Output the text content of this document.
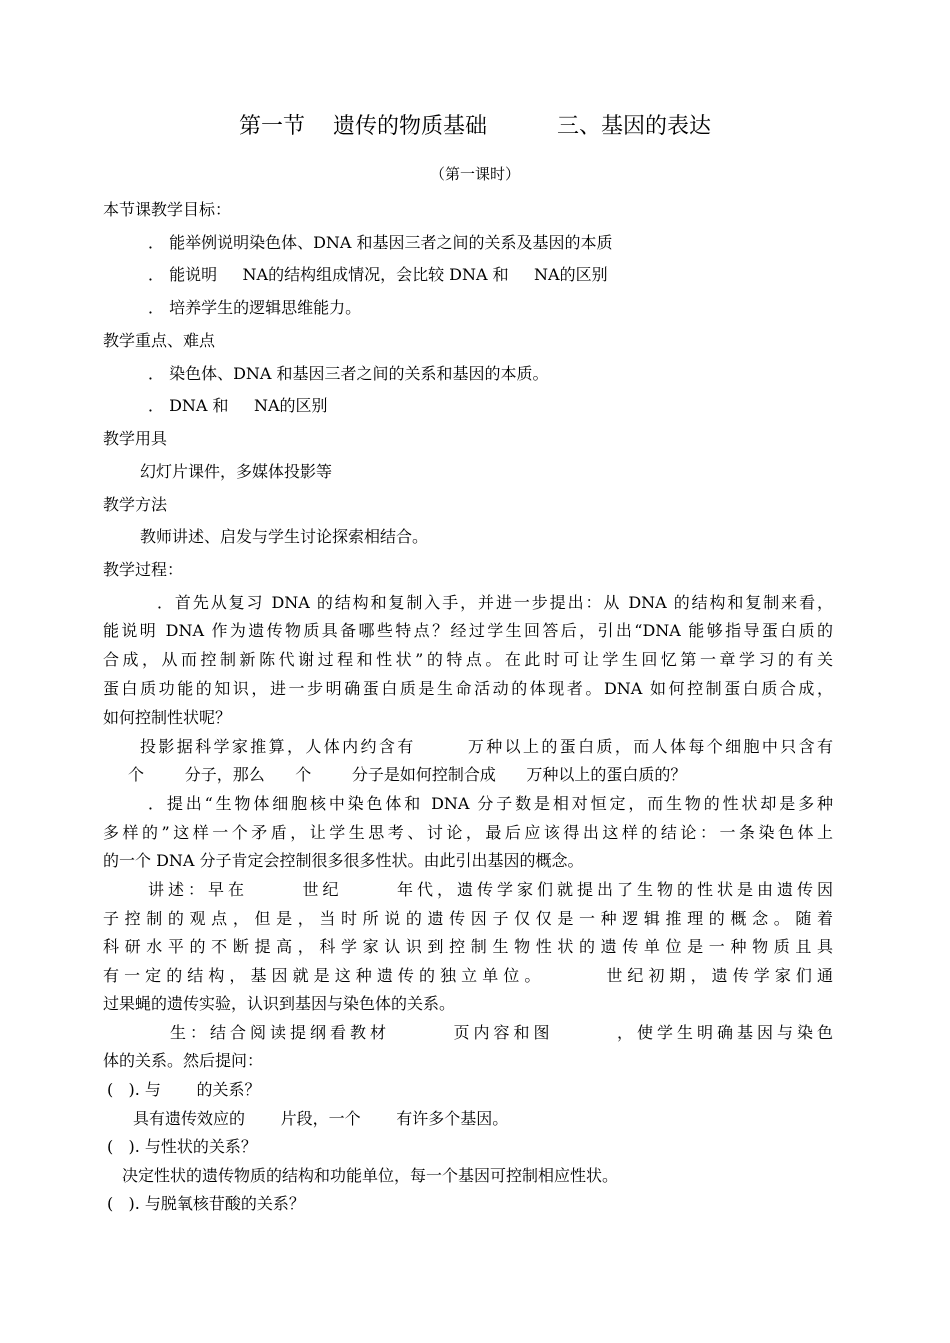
第一节    遗传的物质基础          三、基因的表达
（第一课时）
本节课教学目标：
． 能举例说明染色体、DNA 和基因三者之间的关系及基因的本质
． 能说明     NA的结构组成情况，会比较 DNA 和     NA的区别
． 培养学生的逻辑思维能力。
教学重点、难点
． 染色体、DNA 和基因三者之间的关系和基因的本质。
． DNA 和     NA的区别
教学用具
幻灯片课件，多媒体投影等
教学方法
教师讲述、启发与学生讨论探索相结合。
教学过程：
．首先从复习 DNA 的结构和复制入手，并进一步提出：从 DNA 的结构和复制来看，
能说明 DNA 作为遗传物质具备哪些特点？经过学生回答后，引出“DNA 能够指导蛋白质的
合成，从而控制新陈代谢过程和性状”的特点。在此时可让学生回忆第一章学习的有关
蛋白质功能的知识，进一步明确蛋白质是生命活动的体现者。DNA 如何控制蛋白质合成，
如何控制性状呢？
投影据科学家推算，人体内约含有       万种以上的蛋白质，而人体每个细胞中只含有
个        分子，那么      个        分子是如何控制合成      万种以上的蛋白质的？
．提出“生物体细胞核中染色体和 DNA 分子数是相对恒定，而生物的性状却是多种
多样的”这样一个矛盾，让学生思考、讨论，最后应该得出这样的结论：一条染色体上
的一个 DNA 分子肯定会控制很多很多性状。由此引出基因的概念。
讲述：早在      世纪      年代，遗传学家们就提出了生物的性状是由遗传因
子控制的观点，但是，当时所说的遗传因子仅仅是一种逻辑推理的概念。随着
科研水平的不断提高，科学家认识到控制生物性状的遗传单位是一种物质且具
有一定的结构，基因就是这种遗传的独立单位。      世纪初期，遗传学家们通
过果蝇的遗传实验，认识到基因与染色体的关系。
生：结合阅读提纲看教材       页内容和图       ，使学生明确基因与染色
体的关系。然后提问：
(   ). 与       的关系？
具有遗传效应的       片段，一个       有许多个基因。
(   ). 与性状的关系？
决定性状的遗传物质的结构和功能单位，每一个基因可控制相应性状。
(   ). 与脱氧核苷酸的关系？
